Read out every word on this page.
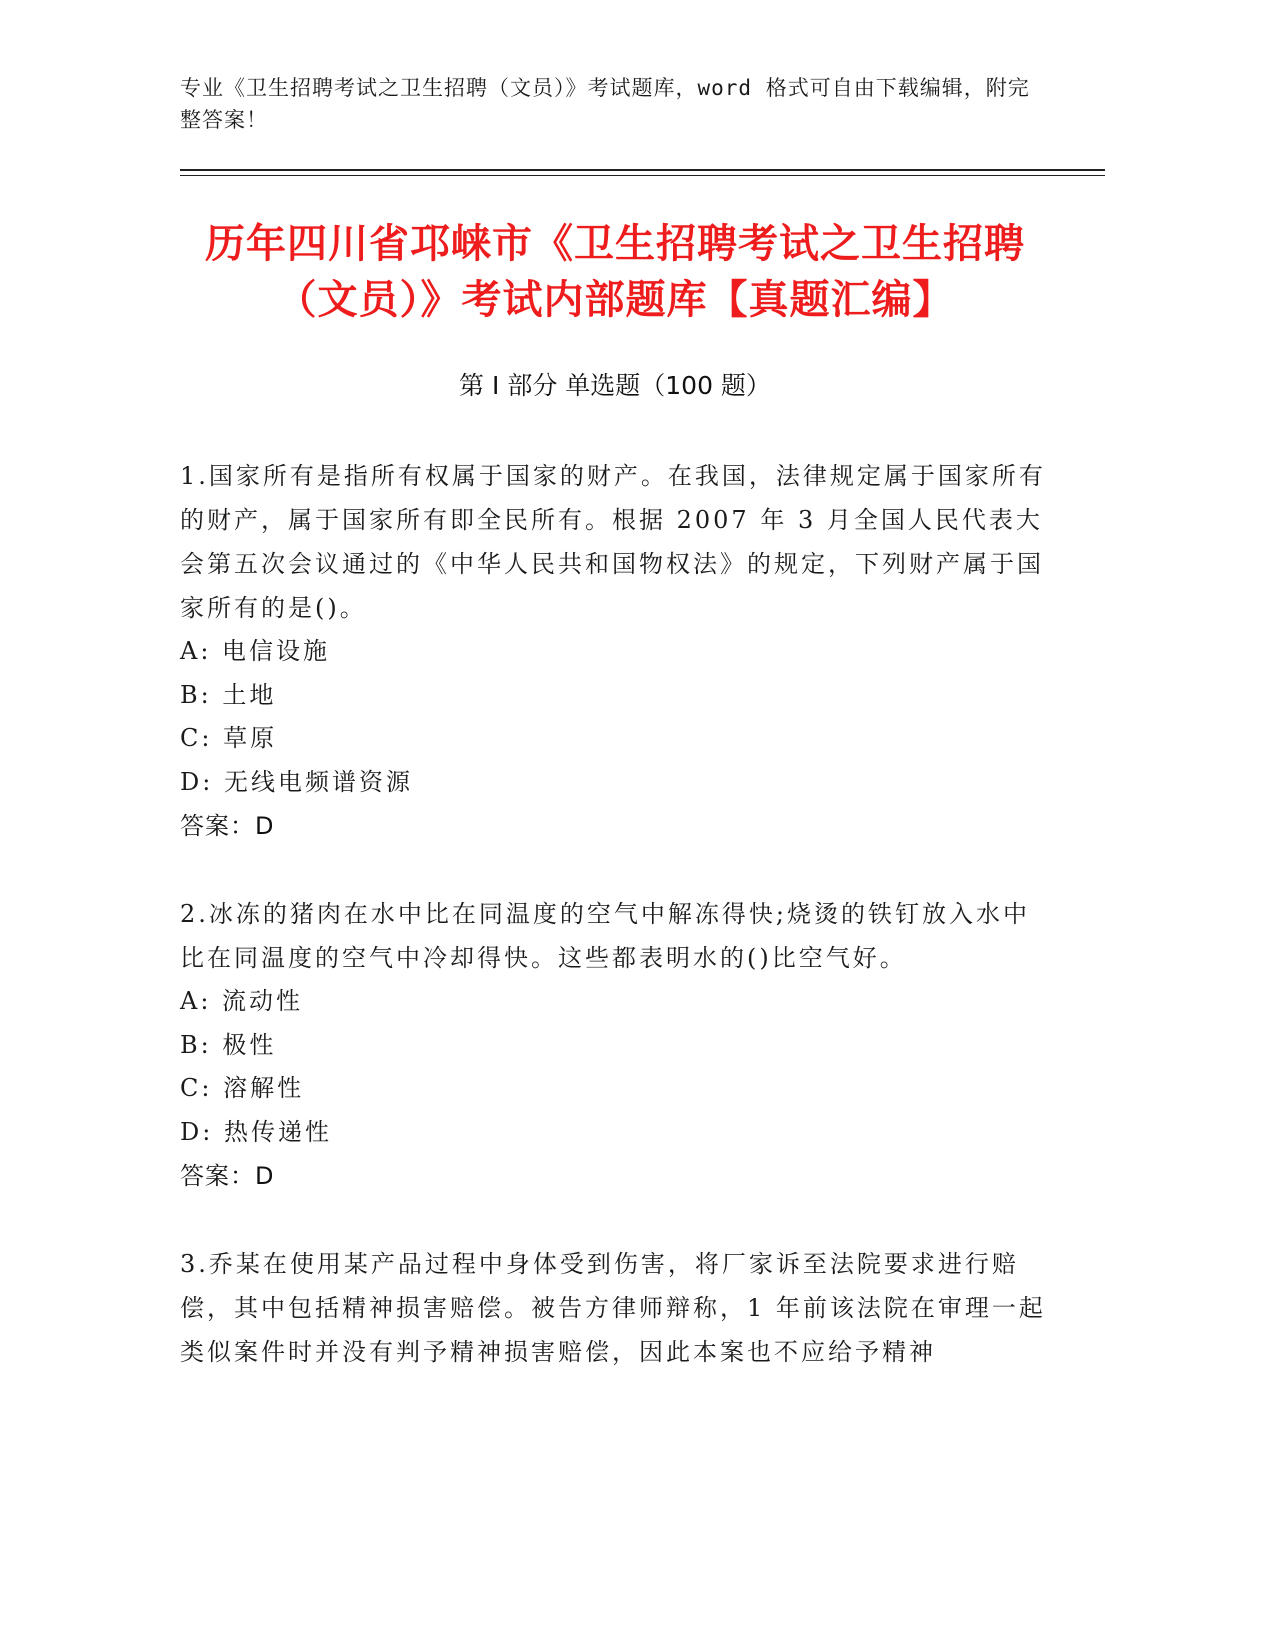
专业《卫生招聘考试之卫生招聘（文员）》考试题库，word 格式可自由下载编辑，附完整答案！
历年四川省邛崃市《卫生招聘考试之卫生招聘（文员）》考试内部题库【真题汇编】
第 I 部分 单选题（100 题）
1.国家所有是指所有权属于国家的财产。在我国，法律规定属于国家所有的财产，属于国家所有即全民所有。根据 2007 年 3 月全国人民代表大会第五次会议通过的《中华人民共和国物权法》的规定，下列财产属于国家所有的是()。
A: 电信设施
B: 土地
C: 草原
D: 无线电频谱资源
答案：D
2.冰冻的猪肉在水中比在同温度的空气中解冻得快;烧烫的铁钉放入水中比在同温度的空气中冷却得快。这些都表明水的()比空气好。
A: 流动性
B: 极性
C: 溶解性
D: 热传递性
答案：D
3.乔某在使用某产品过程中身体受到伤害，将厂家诉至法院要求进行赔偿，其中包括精神损害赔偿。被告方律师辩称，1 年前该法院在审理一起类似案件时并没有判予精神损害赔偿，因此本案也不应给予精神
